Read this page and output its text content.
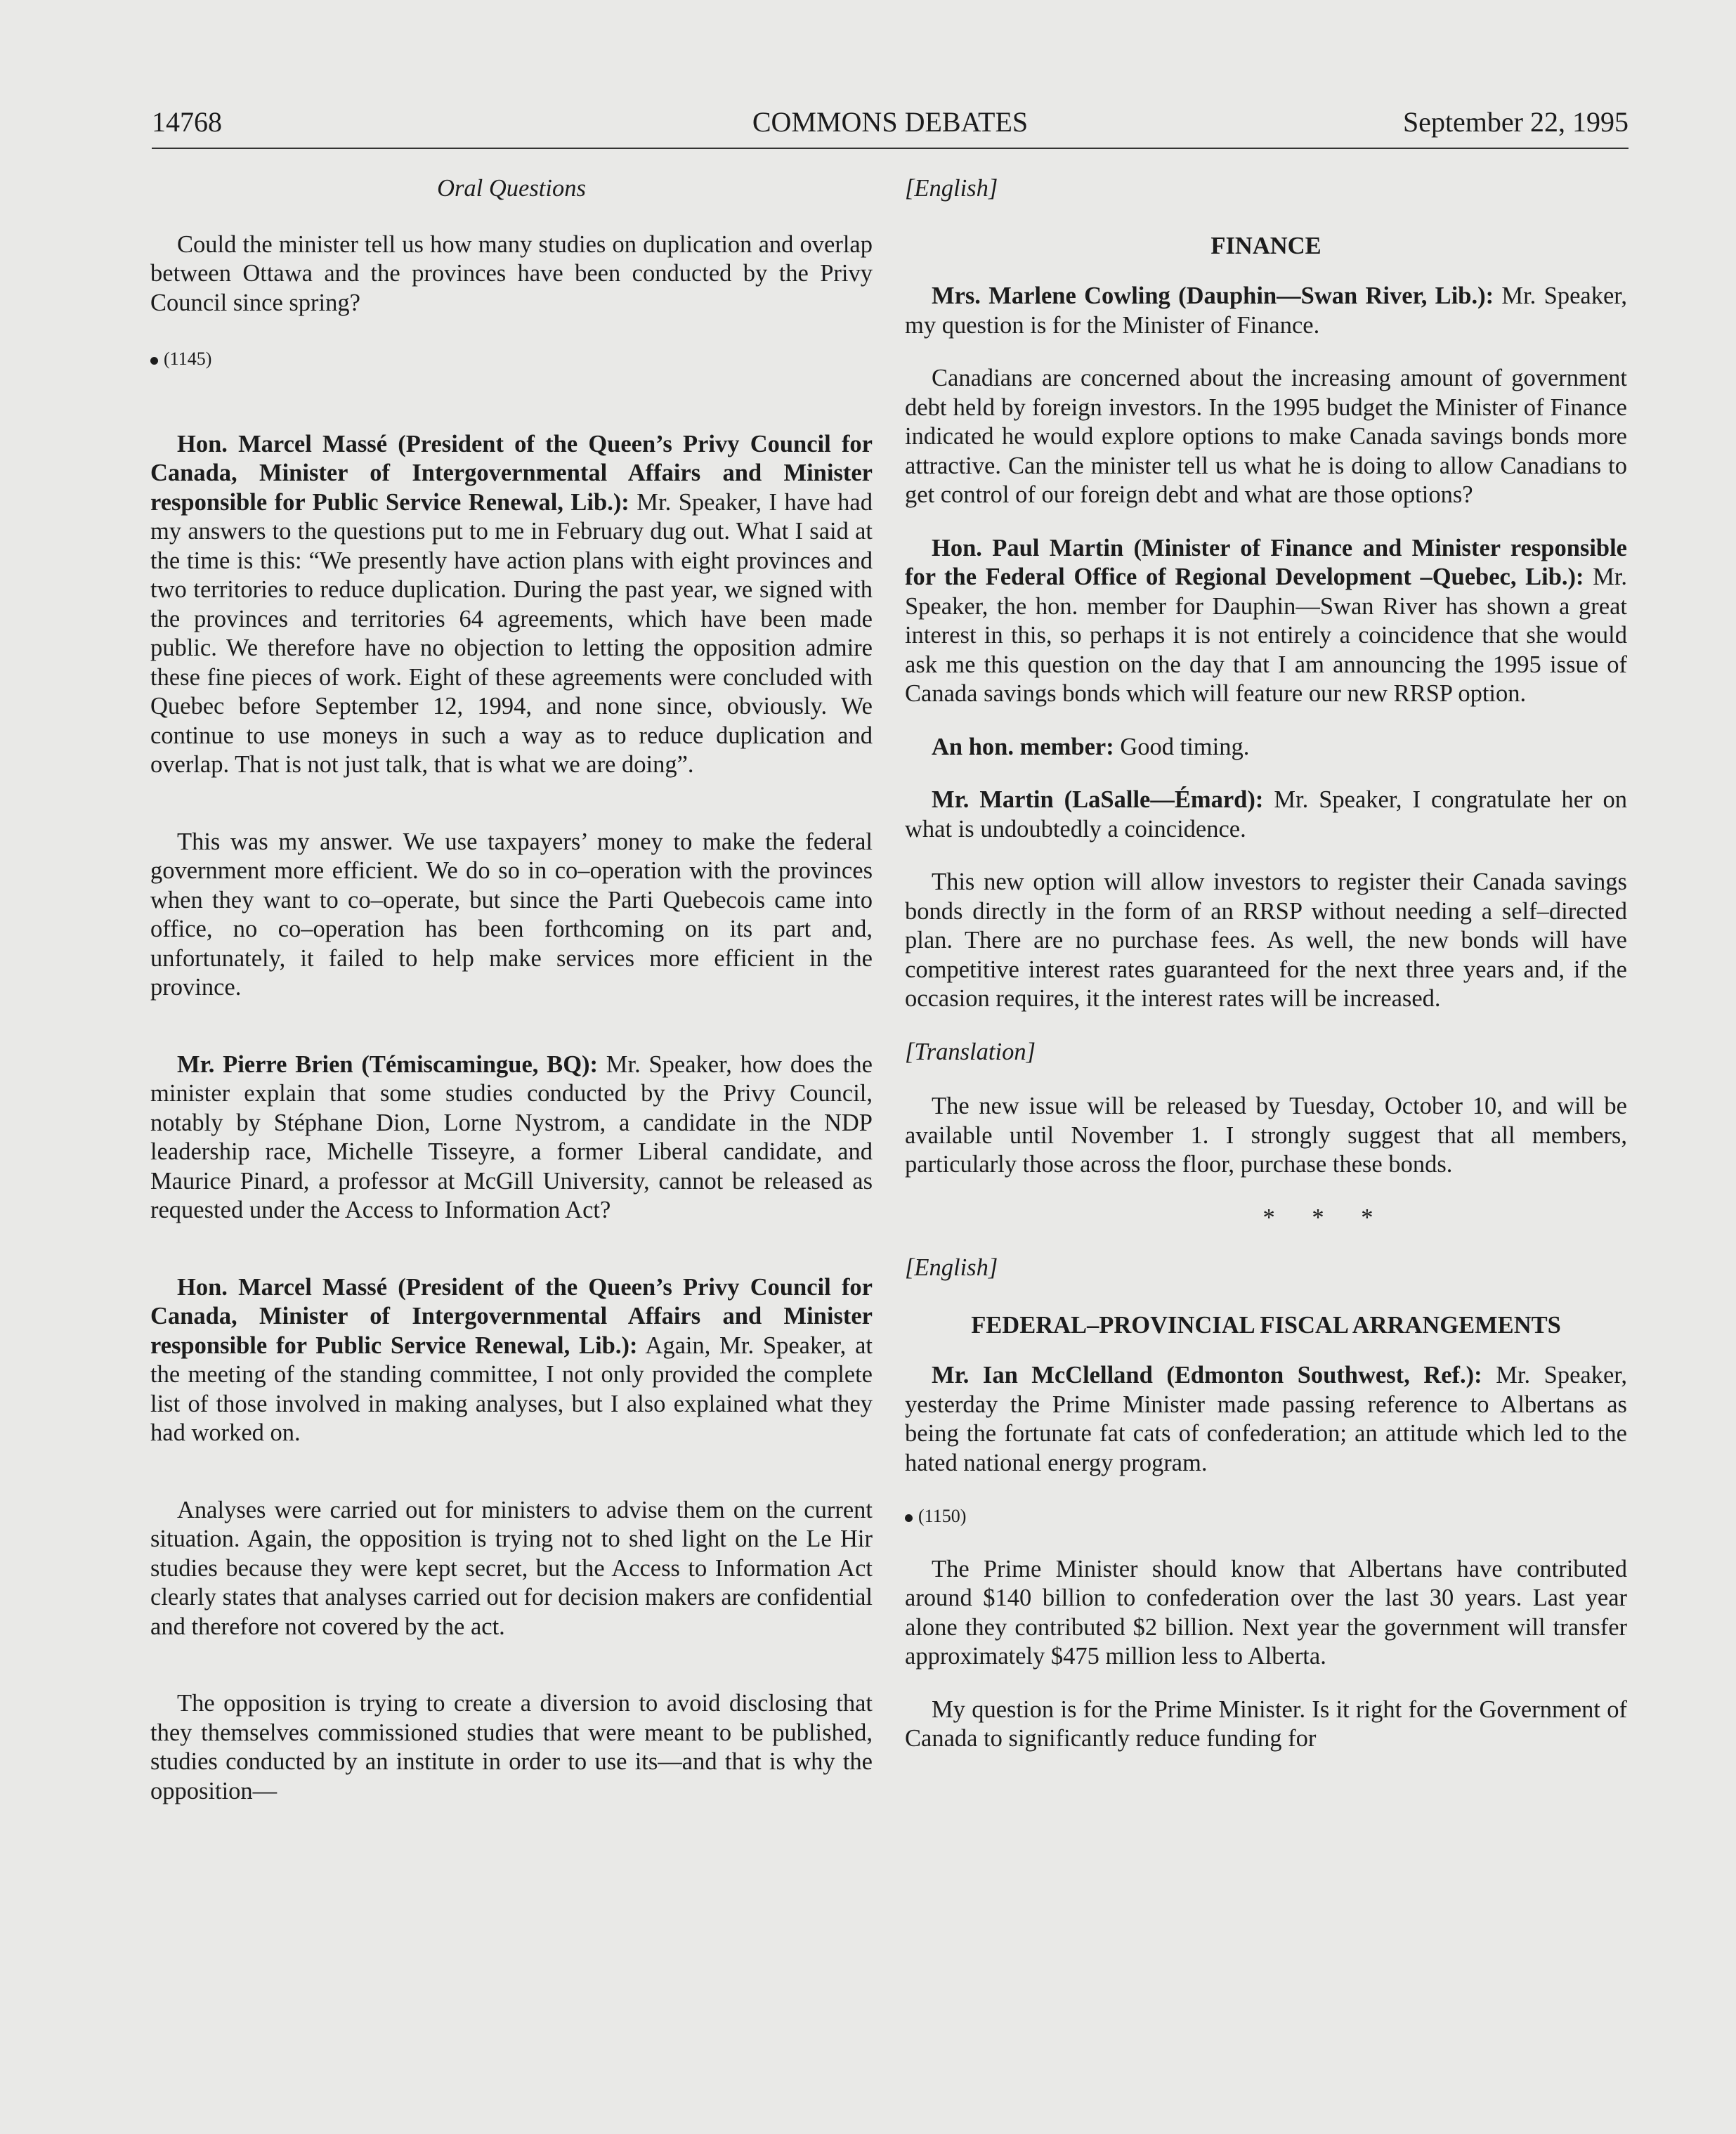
14768	COMMONS DEBATES	September 22, 1995
Oral Questions

Could the minister tell us how many studies on duplication and overlap between Ottawa and the provinces have been conducted by the Privy Council since spring?

(1145)

Hon. Marcel Massé (President of the Queen’s Privy Council for Canada, Minister of Intergovernmental Affairs and Minister responsible for Public Service Renewal, Lib.): Mr. Speaker, I have had my answers to the questions put to me in February dug out. What I said at the time is this: “We presently have action plans with eight provinces and two territories to reduce duplication. During the past year, we signed with the provinces and territories 64 agreements, which have been made public. We therefore have no objection to letting the opposition admire these fine pieces of work. Eight of these agreements were concluded with Quebec before September 12, 1994, and none since, obviously. We continue to use moneys in such a way as to reduce duplication and overlap. That is not just talk, that is what we are doing”.

This was my answer. We use taxpayers’ money to make the federal government more efficient. We do so in co–operation with the provinces when they want to co–operate, but since the Parti Quebecois came into office, no co–operation has been forthcoming on its part and, unfortunately, it failed to help make services more efficient in the province.

Mr. Pierre Brien (Témiscamingue, BQ): Mr. Speaker, how does the minister explain that some studies conducted by the Privy Council, notably by Stéphane Dion, Lorne Nystrom, a candidate in the NDP leadership race, Michelle Tisseyre, a former Liberal candidate, and Maurice Pinard, a professor at McGill University, cannot be released as requested under the Access to Information Act?

Hon. Marcel Massé (President of the Queen’s Privy Council for Canada, Minister of Intergovernmental Affairs and Minister responsible for Public Service Renewal, Lib.): Again, Mr. Speaker, at the meeting of the standing committee, I not only provided the complete list of those involved in making analyses, but I also explained what they had worked on.

Analyses were carried out for ministers to advise them on the current situation. Again, the opposition is trying not to shed light on the Le Hir studies because they were kept secret, but the Access to Information Act clearly states that analyses carried out for decision makers are confidential and therefore not covered by the act.

The opposition is trying to create a diversion to avoid disclosing that they themselves commissioned studies that were meant to be published, studies conducted by an institute in order to use its—and that is why the opposition—

[English]
FINANCE

Mrs. Marlene Cowling (Dauphin—Swan River, Lib.): Mr. Speaker, my question is for the Minister of Finance.

Canadians are concerned about the increasing amount of government debt held by foreign investors. In the 1995 budget the Minister of Finance indicated he would explore options to make Canada savings bonds more attractive. Can the minister tell us what he is doing to allow Canadians to get control of our foreign debt and what are those options?

Hon. Paul Martin (Minister of Finance and Minister responsible for the Federal Office of Regional Development –Quebec, Lib.): Mr. Speaker, the hon. member for Dauphin—Swan River has shown a great interest in this, so perhaps it is not entirely a coincidence that she would ask me this question on the day that I am announcing the 1995 issue of Canada savings bonds which will feature our new RRSP option.

An hon. member: Good timing.

Mr. Martin (LaSalle—Émard): Mr. Speaker, I congratulate her on what is undoubtedly a coincidence.

This new option will allow investors to register their Canada savings bonds directly in the form of an RRSP without needing a self–directed plan. There are no purchase fees. As well, the new bonds will have competitive interest rates guaranteed for the next three years and, if the occasion requires, it the interest rates will be increased.

[Translation]

The new issue will be released by Tuesday, October 10, and will be available until November 1. I strongly suggest that all members, particularly those across the floor, purchase these bonds.

* * *
[English]
FEDERAL–PROVINCIAL FISCAL ARRANGEMENTS

Mr. Ian McClelland (Edmonton Southwest, Ref.): Mr. Speaker, yesterday the Prime Minister made passing reference to Albertans as being the fortunate fat cats of confederation; an attitude which led to the hated national energy program.

(1150)

The Prime Minister should know that Albertans have contributed around $140 billion to confederation over the last 30 years. Last year alone they contributed $2 billion. Next year the government will transfer approximately $475 million less to Alberta.

My question is for the Prime Minister. Is it right for the Government of Canada to significantly reduce funding for
